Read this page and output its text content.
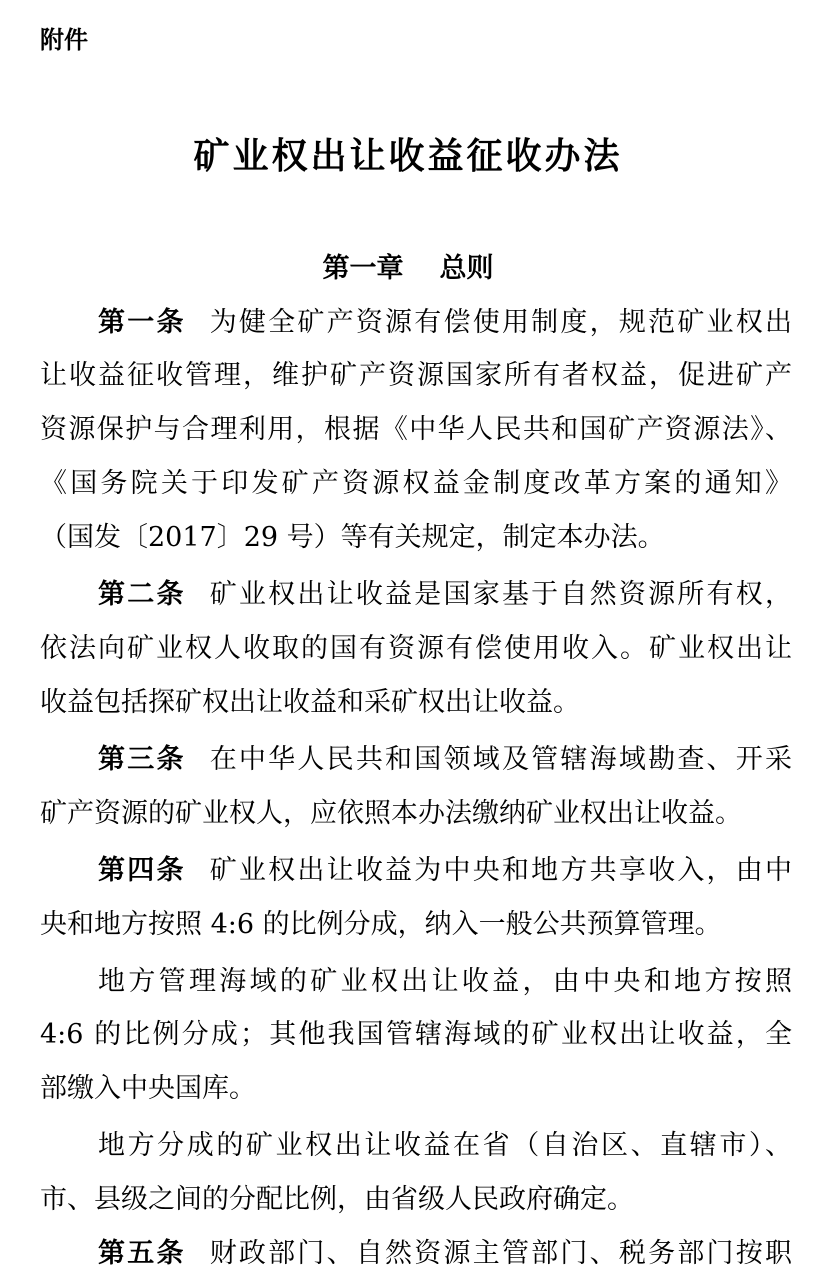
附件
矿业权出让收益征收办法
第一章 总则
第一条 为健全矿产资源有偿使用制度，规范矿业权出
让收益征收管理，维护矿产资源国家所有者权益，促进矿产
资源保护与合理利用，根据《中华人民共和国矿产资源法》、
《国务院关于印发矿产资源权益金制度改革方案的通知》
（国发〔2017〕29 号）等有关规定，制定本办法。
第二条 矿业权出让收益是国家基于自然资源所有权，
依法向矿业权人收取的国有资源有偿使用收入。矿业权出让
收益包括探矿权出让收益和采矿权出让收益。
第三条 在中华人民共和国领域及管辖海域勘查、开采
矿产资源的矿业权人，应依照本办法缴纳矿业权出让收益。
第四条 矿业权出让收益为中央和地方共享收入，由中
央和地方按照 4:6 的比例分成，纳入一般公共预算管理。
地方管理海域的矿业权出让收益，由中央和地方按照
4:6 的比例分成；其他我国管辖海域的矿业权出让收益，全
部缴入中央国库。
地方分成的矿业权出让收益在省（自治区、直辖市）、
市、县级之间的分配比例，由省级人民政府确定。
第五条 财政部门、自然资源主管部门、税务部门按职
